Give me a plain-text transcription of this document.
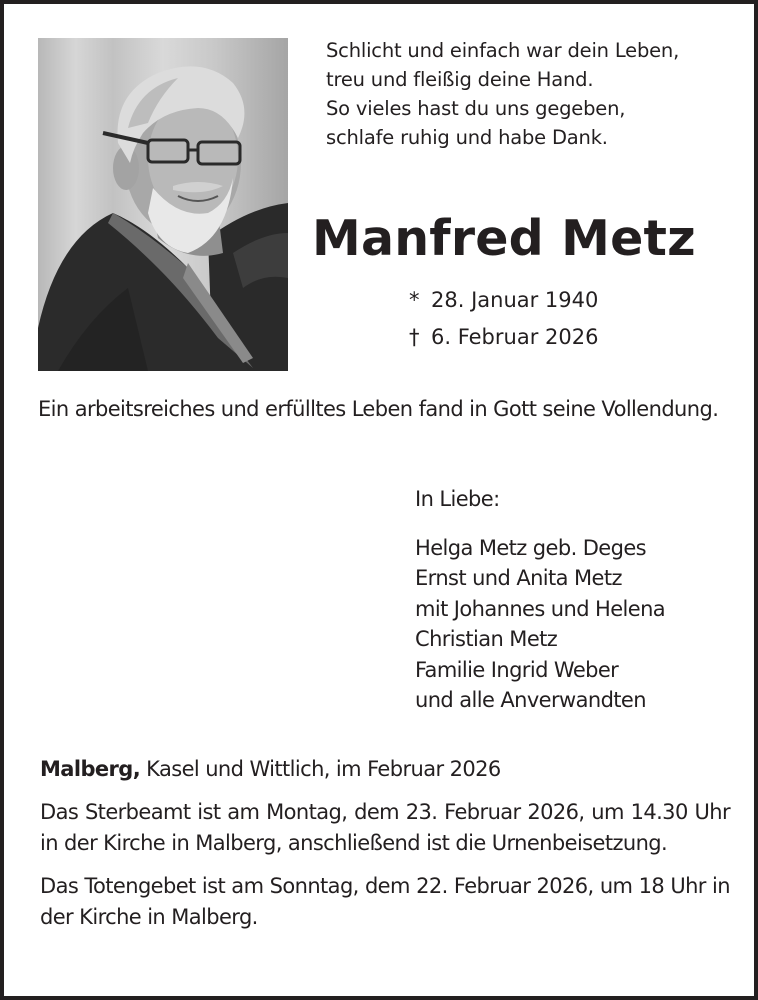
Schlicht und einfach war dein Leben,
treu und fleißig deine Hand.
So vieles hast du uns gegeben,
schlafe ruhig und habe Dank.
Manfred Metz
* 28. Januar 1940
† 6. Februar 2026
Ein arbeitsreiches und erfülltes Leben fand in Gott seine Vollendung.
In Liebe:
Helga Metz geb. Deges
Ernst und Anita Metz
mit Johannes und Helena
Christian Metz
Familie Ingrid Weber
und alle Anverwandten
Malberg, Kasel und Wittlich, im Februar 2026

Das Sterbeamt ist am Montag, dem 23. Februar 2026, um 14.30 Uhr in der Kirche in Malberg, anschließend ist die Urnenbeisetzung.

Das Totengebet ist am Sonntag, dem 22. Februar 2026, um 18 Uhr in der Kirche in Malberg.
